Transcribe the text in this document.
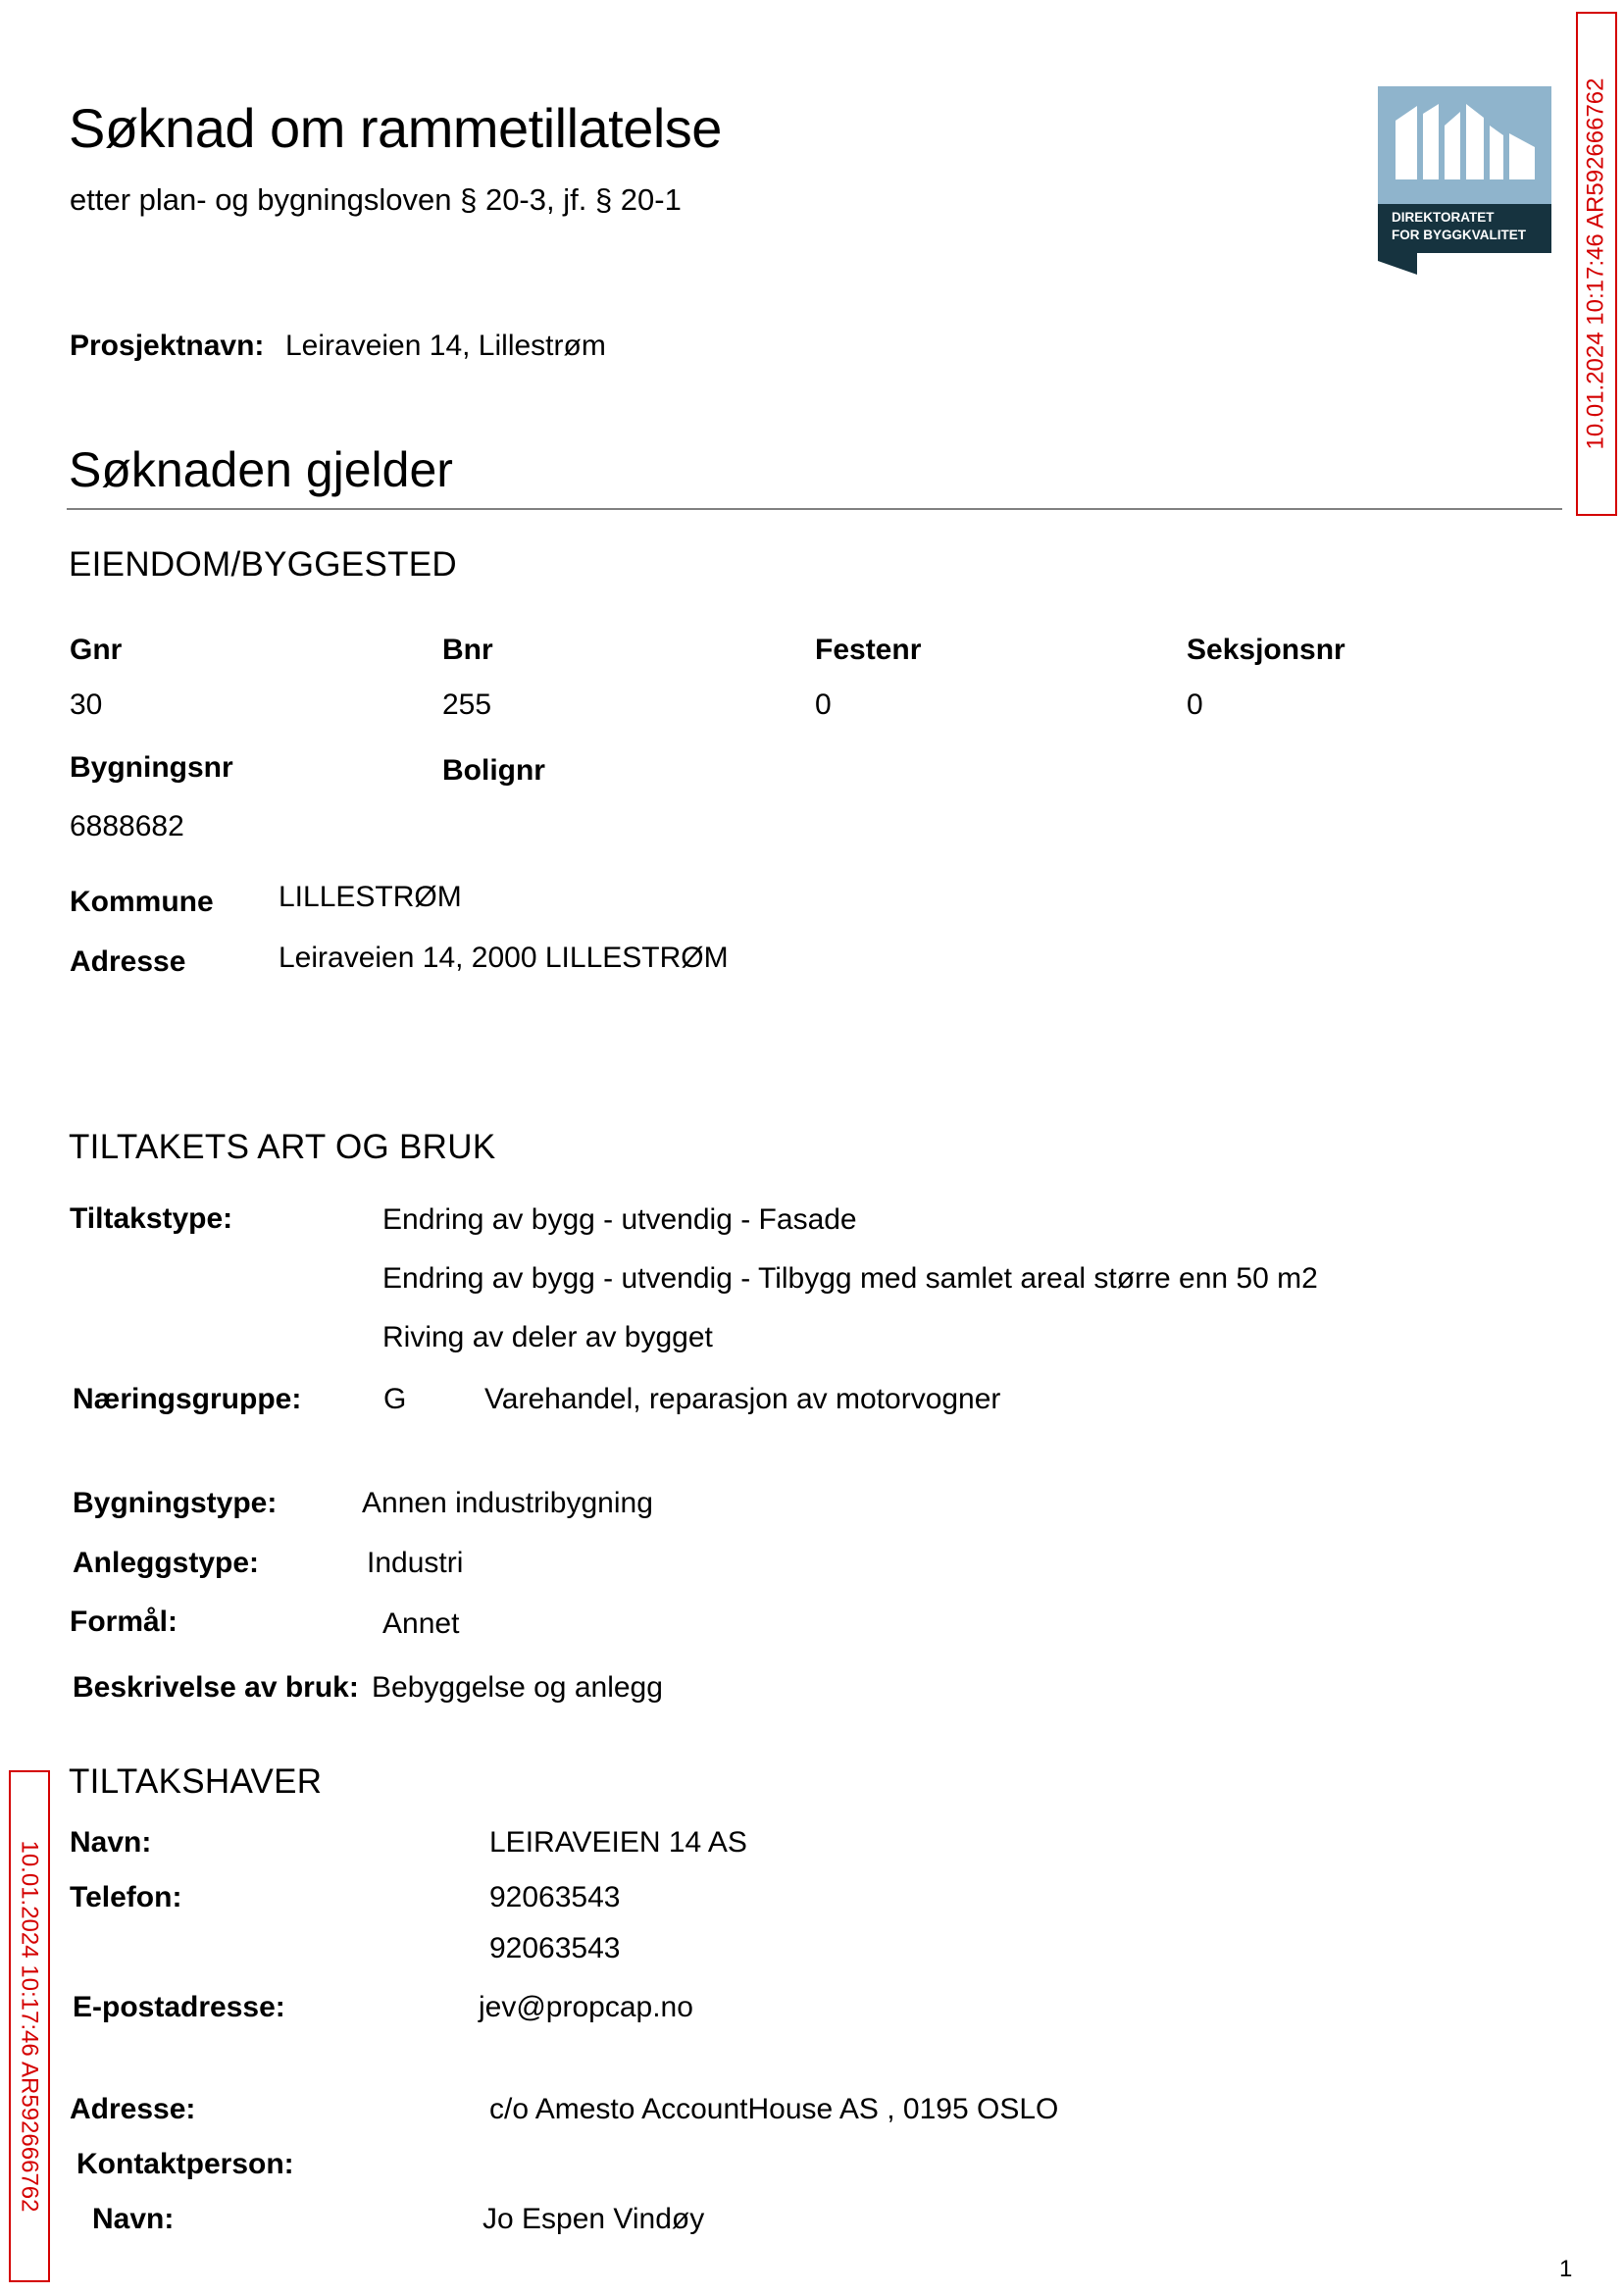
Søknad om rammetillatelse
etter plan- og bygningsloven § 20-3, jf. § 20-1
DIREKTORATET
FOR BYGGKVALITET 10.01.2024 10:17:46 AR592666762
10.01.2024 10:17:46 AR592666762
Prosjektnavn: Leiraveien 14, Lillestrøm
Søknaden gjelder
EIENDOM/BYGGESTED
Gnr	Bnr	Festenr	Seksjonsnr
30	255	0	0
Bygningsnr	Bolignr
6888682
Kommune LILLESTRØM
Adresse	Leiraveien 14, 2000 LILLESTRØM
TILTAKETS ART OG BRUK
Tiltakstype:	Endring av bygg - utvendig - Fasade
Endring av bygg - utvendig - Tilbygg med samlet areal større enn 50 m2
Riving av deler av bygget
Næringsgruppe:	G	Varehandel, reparasjon av motorvogner
Bygningstype:	Annen industribygning
Anleggstype:	Industri
Formål:	Annet
Beskrivelse av bruk: Bebyggelse og anlegg
TILTAKSHAVER
Navn:	LEIRAVEIEN 14 AS
Telefon:	92063543
92063543
E-postadresse:	jev@propcap.no
Adresse:	c/o Amesto AccountHouse AS , 0195 OSLO
Kontaktperson:
Navn:	Jo Espen Vindøy
1
